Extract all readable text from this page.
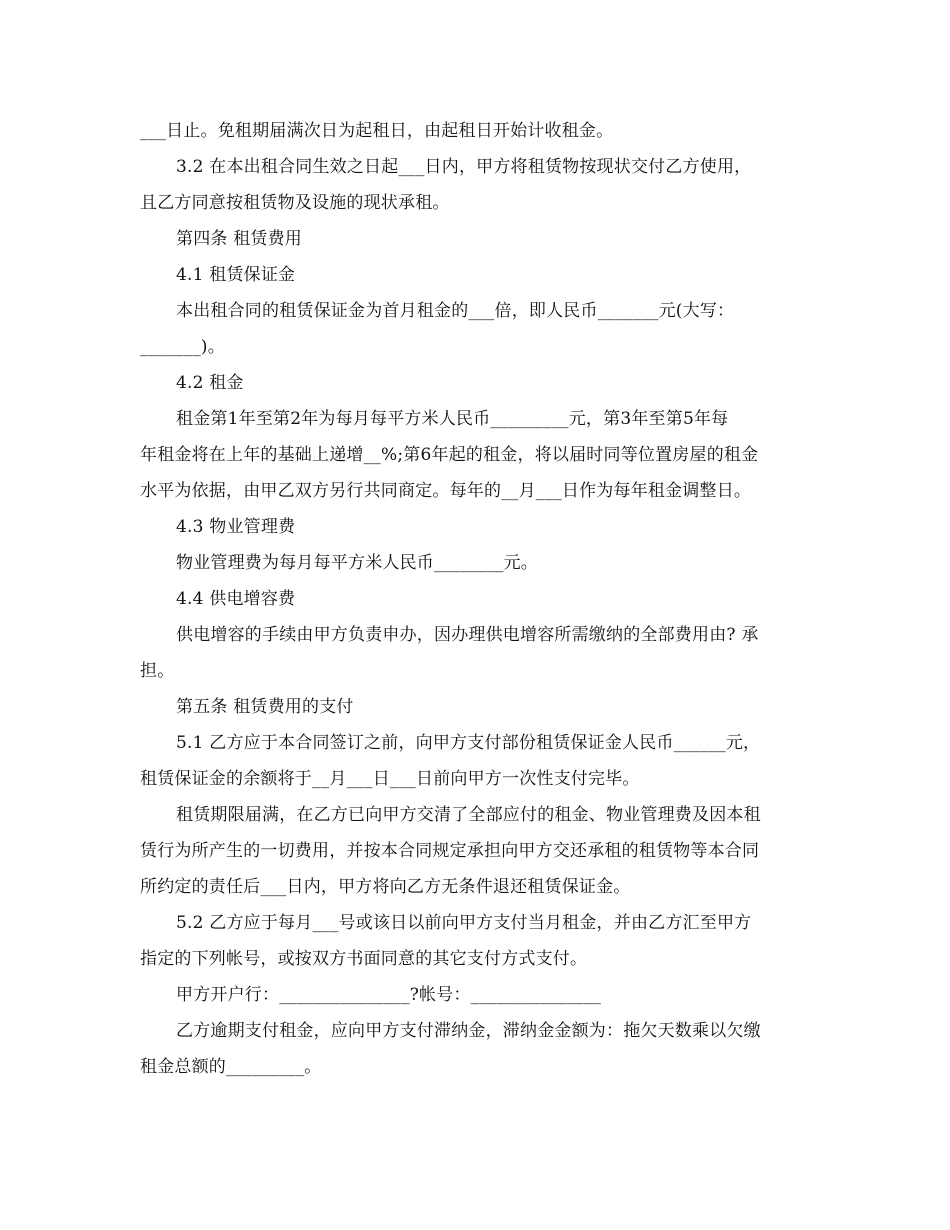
___日止。免租期届满次日为起租日，由起租日开始计收租金。
3.2 在本出租合同生效之日起___日内，甲方将租赁物按现状交付乙方使用，
且乙方同意按租赁物及设施的现状承租。
第四条 租赁费用
4.1 租赁保证金
本出租合同的租赁保证金为首月租金的___倍，即人民币_______元(大写：
_______)。
4.2 租金
租金第1年至第2年为每月每平方米人民币_________元，第3年至第5年每
年租金将在上年的基础上递增__%;第6年起的租金，将以届时同等位置房屋的租金
水平为依据，由甲乙双方另行共同商定。每年的__月___日作为每年租金调整日。
4.3 物业管理费
物业管理费为每月每平方米人民币________元。
4.4 供电增容费
供电增容的手续由甲方负责申办，因办理供电增容所需缴纳的全部费用由? 承
担。
第五条 租赁费用的支付
5.1 乙方应于本合同签订之前，向甲方支付部份租赁保证金人民币______元，
租赁保证金的余额将于__月___日___日前向甲方一次性支付完毕。
租赁期限届满，在乙方已向甲方交清了全部应付的租金、物业管理费及因本租
赁行为所产生的一切费用，并按本合同规定承担向甲方交还承租的租赁物等本合同
所约定的责任后___日内，甲方将向乙方无条件退还租赁保证金。
5.2 乙方应于每月___号或该日以前向甲方支付当月租金，并由乙方汇至甲方
指定的下列帐号，或按双方书面同意的其它支付方式支付。
甲方开户行：_______________?帐号：_______________
乙方逾期支付租金，应向甲方支付滞纳金，滞纳金金额为：拖欠天数乘以欠缴
租金总额的_________。
